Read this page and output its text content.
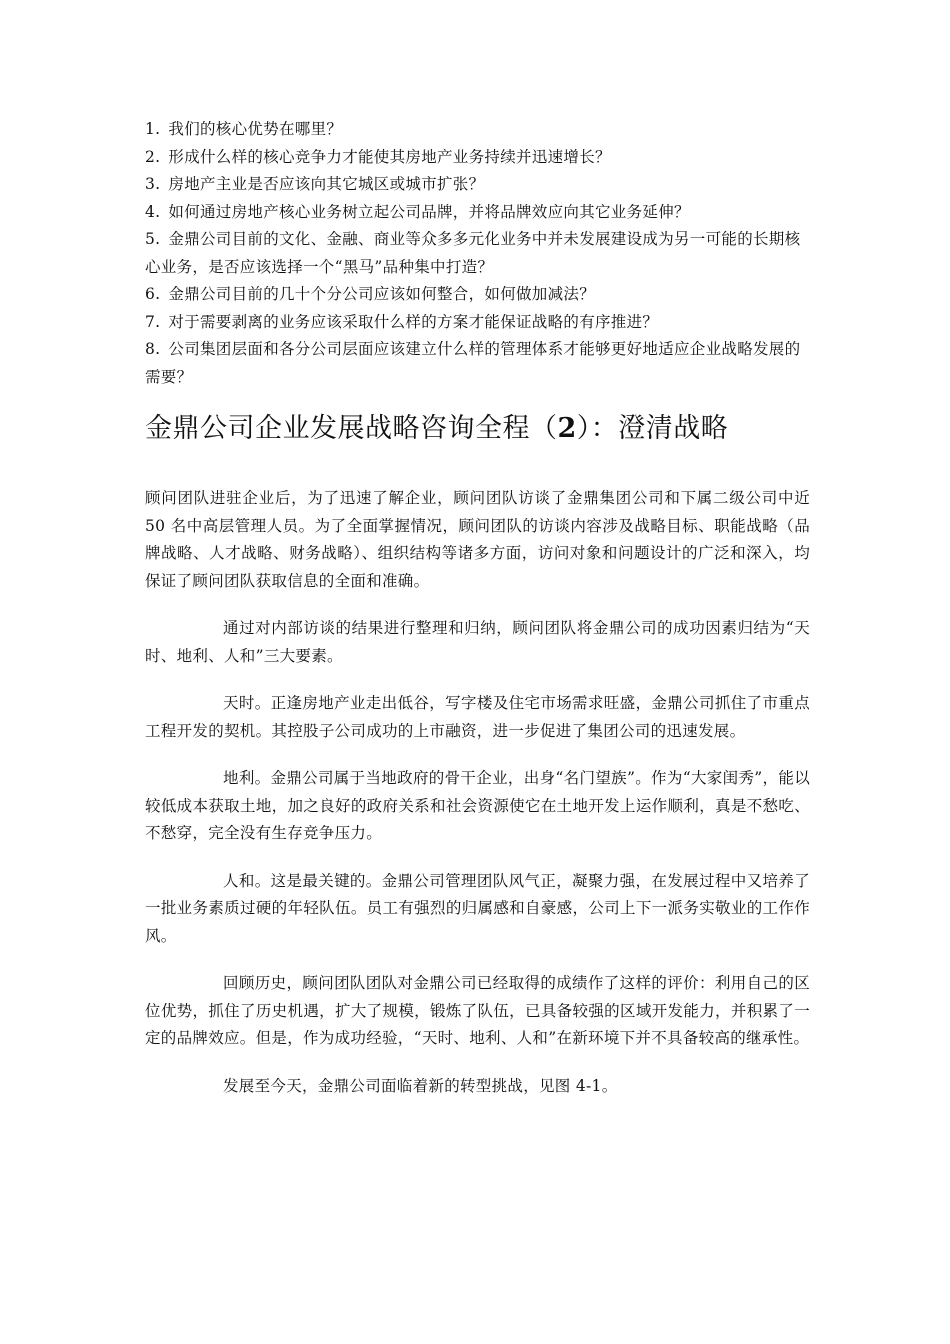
1. 我们的核心优势在哪里？
2. 形成什么样的核心竞争力才能使其房地产业务持续并迅速增长？
3. 房地产主业是否应该向其它城区或城市扩张？
4. 如何通过房地产核心业务树立起公司品牌，并将品牌效应向其它业务延伸？
5. 金鼎公司目前的文化、金融、商业等众多多元化业务中并未发展建设成为另一可能的长期核心业务，是否应该选择一个“黑马”品种集中打造？
6. 金鼎公司目前的几十个分公司应该如何整合，如何做加减法？
7. 对于需要剥离的业务应该采取什么样的方案才能保证战略的有序推进？
8. 公司集团层面和各分公司层面应该建立什么样的管理体系才能够更好地适应企业战略发展的需要？
金鼎公司企业发展战略咨询全程（2）：澄清战略

顾问团队进驻企业后，为了迅速了解企业，顾问团队访谈了金鼎集团公司和下属二级公司中近 50 名中高层管理人员。为了全面掌握情况，顾问团队的访谈内容涉及战略目标、职能战略（品牌战略、人才战略、财务战略）、组织结构等诸多方面，访问对象和问题设计的广泛和深入，均保证了顾问团队获取信息的全面和准确。

通过对内部访谈的结果进行整理和归纳，顾问团队将金鼎公司的成功因素归结为“天时、地利、人和”三大要素。

天时。正逢房地产业走出低谷，写字楼及住宅市场需求旺盛，金鼎公司抓住了市重点工程开发的契机。其控股子公司成功的上市融资，进一步促进了集团公司的迅速发展。

地利。金鼎公司属于当地政府的骨干企业，出身“名门望族”。作为“大家闺秀”，能以较低成本获取土地，加之良好的政府关系和社会资源使它在土地开发上运作顺利，真是不愁吃、不愁穿，完全没有生存竞争压力。

人和。这是最关键的。金鼎公司管理团队风气正，凝聚力强，在发展过程中又培养了一批业务素质过硬的年轻队伍。员工有强烈的归属感和自豪感，公司上下一派务实敬业的工作作风。

回顾历史，顾问团队团队对金鼎公司已经取得的成绩作了这样的评价：利用自己的区位优势，抓住了历史机遇，扩大了规模，锻炼了队伍，已具备较强的区域开发能力，并积累了一定的品牌效应。但是，作为成功经验，“天时、地利、人和”在新环境下并不具备较高的继承性。

发展至今天，金鼎公司面临着新的转型挑战，见图 4-1。
